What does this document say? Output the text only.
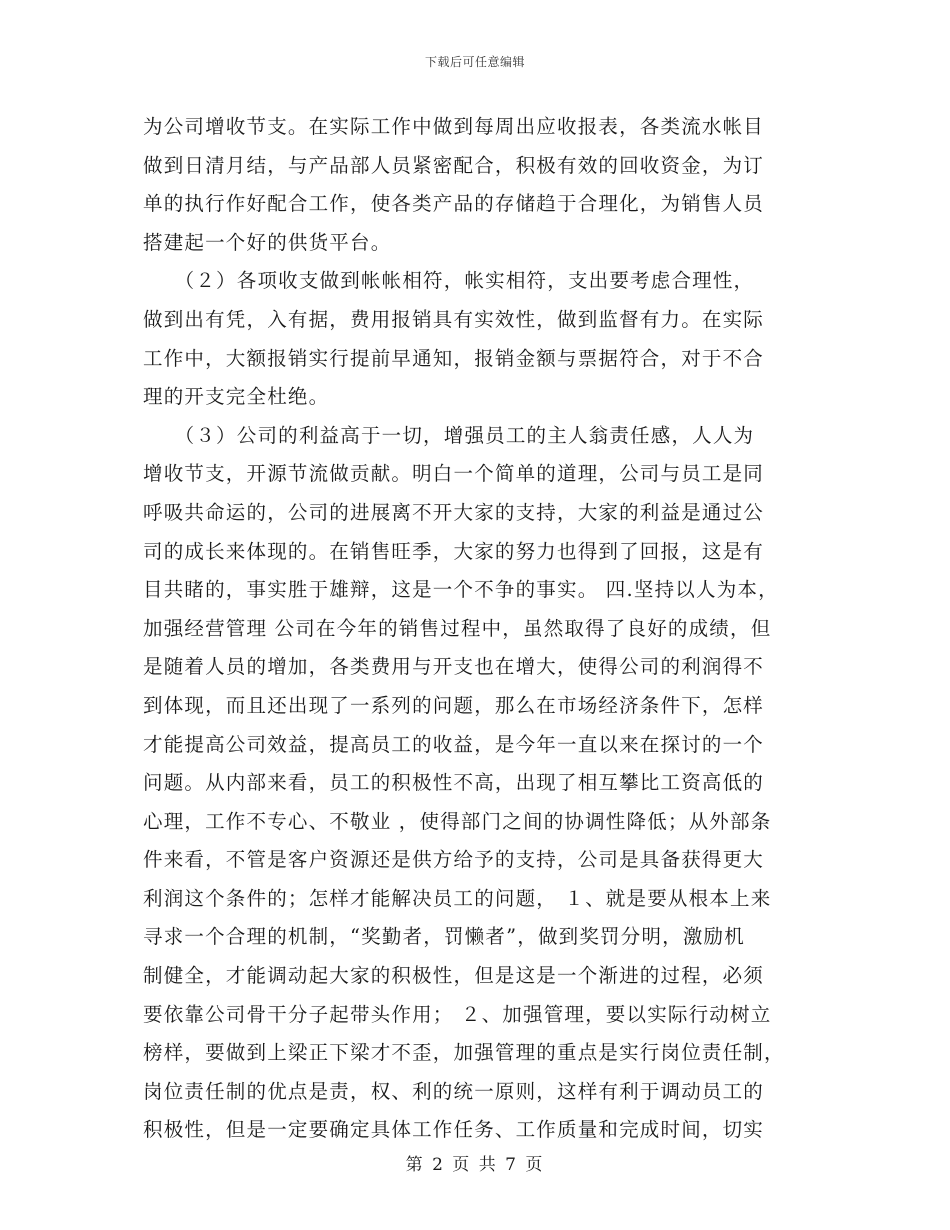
下载后可任意编辑
为公司增收节支。在实际工作中做到每周出应收报表，各类流水帐目
做到日清月结，与产品部人员紧密配合，积极有效的回收资金，为订
单的执行作好配合工作，使各类产品的存储趋于合理化，为销售人员
搭建起一个好的供货平台。
　　（２）各项收支做到帐帐相符，帐实相符，支出要考虑合理性，
做到出有凭，入有据，费用报销具有实效性，做到监督有力。在实际
工作中，大额报销实行提前早通知，报销金额与票据符合，对于不合
理的开支完全杜绝。
　　（３）公司的利益高于一切，增强员工的主人翁责任感，人人为
增收节支，开源节流做贡献。明白一个简单的道理，公司与员工是同
呼吸共命运的，公司的进展离不开大家的支持，大家的利益是通过公
司的成长来体现的。在销售旺季，大家的努力也得到了回报，这是有
目共睹的，事实胜于雄辩，这是一个不争的事实。 四.坚持以人为本，
加强经营管理 公司在今年的销售过程中，虽然取得了良好的成绩，但
是随着人员的增加，各类费用与开支也在增大，使得公司的利润得不
到体现，而且还出现了一系列的问题，那么在市场经济条件下，怎样
才能提高公司效益，提高员工的收益，是今年一直以来在探讨的一个
问题。从内部来看，员工的积极性不高，出现了相互攀比工资高低的
心理，工作不专心、不敬业 ，使得部门之间的协调性降低；从外部条
件来看，不管是客户资源还是供方给予的支持，公司是具备获得更大
利润这个条件的；怎样才能解决员工的问题， １、就是要从根本上来
寻求一个合理的机制，“奖勤者，罚懒者”，做到奖罚分明，激励机
制健全，才能调动起大家的积极性，但是这是一个渐进的过程，必须
要依靠公司骨干分子起带头作用； ２、加强管理，要以实际行动树立
榜样，要做到上梁正下梁才不歪，加强管理的重点是实行岗位责任制，
岗位责任制的优点是责，权、利的统一原则，这样有利于调动员工的
积极性，但是一定要确定具体工作任务、工作质量和完成时间，切实
第 2 页 共 7 页
